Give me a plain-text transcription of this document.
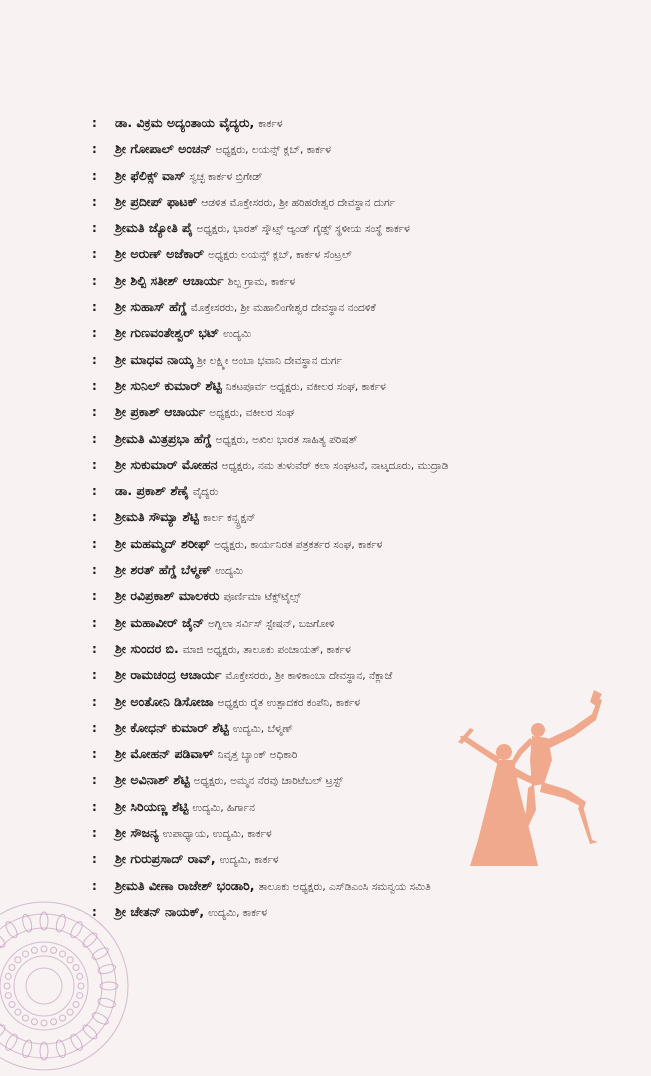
:	ಡಾ. ವಿಕ್ರಮ ಅದ್ಯಂತಾಯ ವೈದ್ಯರು, ಕಾರ್ಕಳ
:	ಶ್ರೀ ಗೋಪಾಲ್ ಅಂಚನ್ ಅಧ್ಯಕ್ಷರು, ಲಯನ್ಸ್ ಕ್ಲಬ್, ಕಾರ್ಕಳ
:	ಶ್ರೀ ಫೆಲಿಕ್ಸ್ ವಾಸ್ ಸ್ವಚ್ಛ ಕಾರ್ಕಳ ಬ್ರಿಗೇಡ್
:	ಶ್ರೀ ಪ್ರದೀಪ್ ಫಾಟಕ್ ಆಡಳಿತ ಮೊಕ್ತೇಸರರು, ಶ್ರೀ ಹರಿಹರೇಶ್ವರ ದೇವಸ್ಥಾನ ದುರ್ಗ
:	ಶ್ರೀಮತಿ ಜ್ಯೋತಿ ಪೈ ಅಧ್ಯಕ್ಷರು, ಭಾರತ್ ಸ್ಕೌಟ್ಸ್ ಆ್ಯಂಡ್ ಗೈಡ್ಸ್ ಸ್ಥಳೀಯ ಸಂಸ್ಥೆ ಕಾರ್ಕಳ
:	ಶ್ರೀ ಅರುಣ್ ಅಜೆಕಾರ್ ಅಧ್ಯಕ್ಷರು ಲಯನ್ಸ್ ಕ್ಲಬ್, ಕಾರ್ಕಳ ಸೆಂಟ್ರಲ್
:	ಶ್ರೀ ಶಿಲ್ಪಿ ಸತೀಶ್ ಆಚಾರ್ಯ ಶಿಲ್ಪ ಗ್ರಾಮ, ಕಾರ್ಕಳ
:	ಶ್ರೀ ಸುಹಾಸ್ ಹೆಗ್ಡೆ ಮೊಕ್ತೇಸರರು, ಶ್ರೀ ಮಹಾಲಿಂಗೇಶ್ವರ ದೇವಸ್ಥಾನ ನಂದಳಿಕೆ
:	ಶ್ರೀ ಗುಣವಂತೇಶ್ವರ್ ಭಟ್ ಉದ್ಯಮಿ
:	ಶ್ರೀ ಮಾಧವ ನಾಯ್ಕ ಶ್ರೀ ಲಕ್ಷ್ಮೀ ಅಂಬಾ ಭವಾನಿ ದೇವಸ್ಥಾನ ದುರ್ಗ
:	ಶ್ರೀ ಸುನಿಲ್ ಕುಮಾರ್ ಶೆಟ್ಟಿ ನಿಕಟಪೂರ್ವ ಅಧ್ಯಕ್ಷರು, ವಕೀಲರ ಸಂಘ, ಕಾರ್ಕಳ
:	ಶ್ರೀ ಪ್ರಕಾಶ್ ಆಚಾರ್ಯ ಅಧ್ಯಕ್ಷರು, ವಕೀಲರ ಸಂಘ
:	ಶ್ರೀಮತಿ ಮಿತ್ರಪ್ರಭಾ ಹೆಗ್ಡೆ ಅಧ್ಯಕ್ಷರು, ಅಖಿಲ ಭಾರತ ಸಾಹಿತ್ಯ ಪರಿಷತ್
:	ಶ್ರೀ ಸುಕುಮಾರ್ ಮೋಹನ ಅಧ್ಯಕ್ಷರು, ನಮ ತುಳುವೆರ್ ಕಲಾ ಸಂಘಟನೆ, ನಾಟ್ಕದೂರು, ಮುದ್ರಾಡಿ
:	ಡಾ. ಪ್ರಕಾಶ್ ಶೆಣೈ ವೈದ್ಯರು
:	ಶ್ರೀಮತಿ ಸೌಮ್ಯಾ ಶೆಟ್ಟಿ ಕಾರ್ಲ ಕನ್ಸ್ಟ್ರಕ್ಷನ್
:	ಶ್ರೀ ಮಹಮ್ಮದ್ ಶರೀಫ್ ಅಧ್ಯಕ್ಷರು, ಕಾರ್ಯನಿರತ ಪತ್ರಕರ್ತರ ಸಂಘ, ಕಾರ್ಕಳ
:	ಶ್ರೀ ಶರತ್ ಹೆಗ್ಡೆ ಬೆಳ್ಮಣ್ ಉದ್ಯಮಿ
:	ಶ್ರೀ ರವಿಪ್ರಕಾಶ್ ಮಾಲಕರು ಪೂರ್ಣಿಮಾ ಟೆಕ್ಸ್‌ಟೈಲ್ಸ್
:	ಶ್ರೀ ಮಹಾವೀರ್ ಜೈನ್ ಅಗ್ನಿಲಾ ಸರ್ವಿಸ್ ಸ್ಟೇಷನ್, ಬಜಗೋಳಿ
:	ಶ್ರೀ ಸುಂದರ ಬಿ. ಮಾಜಿ ಅಧ್ಯಕ್ಷರು, ತಾಲೂಕು ಪಂಚಾಯತ್, ಕಾರ್ಕಳ
:	ಶ್ರೀ ರಾಮಚಂದ್ರ ಆಚಾರ್ಯ ಮೊಕ್ತೇಸರರು, ಶ್ರೀ ಕಾಳಿಕಾಂಬಾ ದೇವಸ್ಥಾನ, ನೆಕ್ಲಾಜೆ
:	ಶ್ರೀ ಅಂತೋನಿ ಡಿಸೋಜಾ ಅಧ್ಯಕ್ಷರು ರೈತ ಉತ್ಪಾದಕರ ಕಂಪೆನಿ, ಕಾರ್ಕಳ
:	ಶ್ರೀ ಕೋಧನ್ ಕುಮಾರ್ ಶೆಟ್ಟಿ ಉದ್ಯಮಿ, ಬೆಳ್ಮಣ್
:	ಶ್ರೀ ಮೋಹನ್ ಪಡಿವಾಳ್ ನಿವೃತ್ತ ಬ್ಯಾಂಕ್ ಅಧಿಕಾರಿ
:	ಶ್ರೀ ಅವಿನಾಶ್ ಶೆಟ್ಟಿ ಅಧ್ಯಕ್ಷರು, ಅಮ್ಮನ ನೆರವು ಚಾರಿಟೆಬಲ್ ಟ್ರಸ್ಟ್
:	ಶ್ರೀ ಸಿರಿಯಣ್ಣ ಶೆಟ್ಟಿ ಉದ್ಯಮಿ, ಹಿರ್ಗಾನ
:	ಶ್ರೀ ಸೌಜನ್ಯ ಉಪಾಧ್ಯಾಯ, ಉದ್ಯಮಿ, ಕಾರ್ಕಳ
:	ಶ್ರೀ ಗುರುಪ್ರಸಾದ್ ರಾವ್, ಉದ್ಯಮಿ, ಕಾರ್ಕಳ
:	ಶ್ರೀಮತಿ ವೀಣಾ ರಾಜೇಶ್ ಭಂಡಾರಿ, ತಾಲೂಕು ಅಧ್ಯಕ್ಷರು, ಎಸ್‌ಡಿಎಂಸಿ ಸಮನ್ವಯ ಸಮಿತಿ
:	ಶ್ರೀ ಚೇತನ್ ನಾಯಕ್, ಉದ್ಯಮಿ, ಕಾರ್ಕಳ
